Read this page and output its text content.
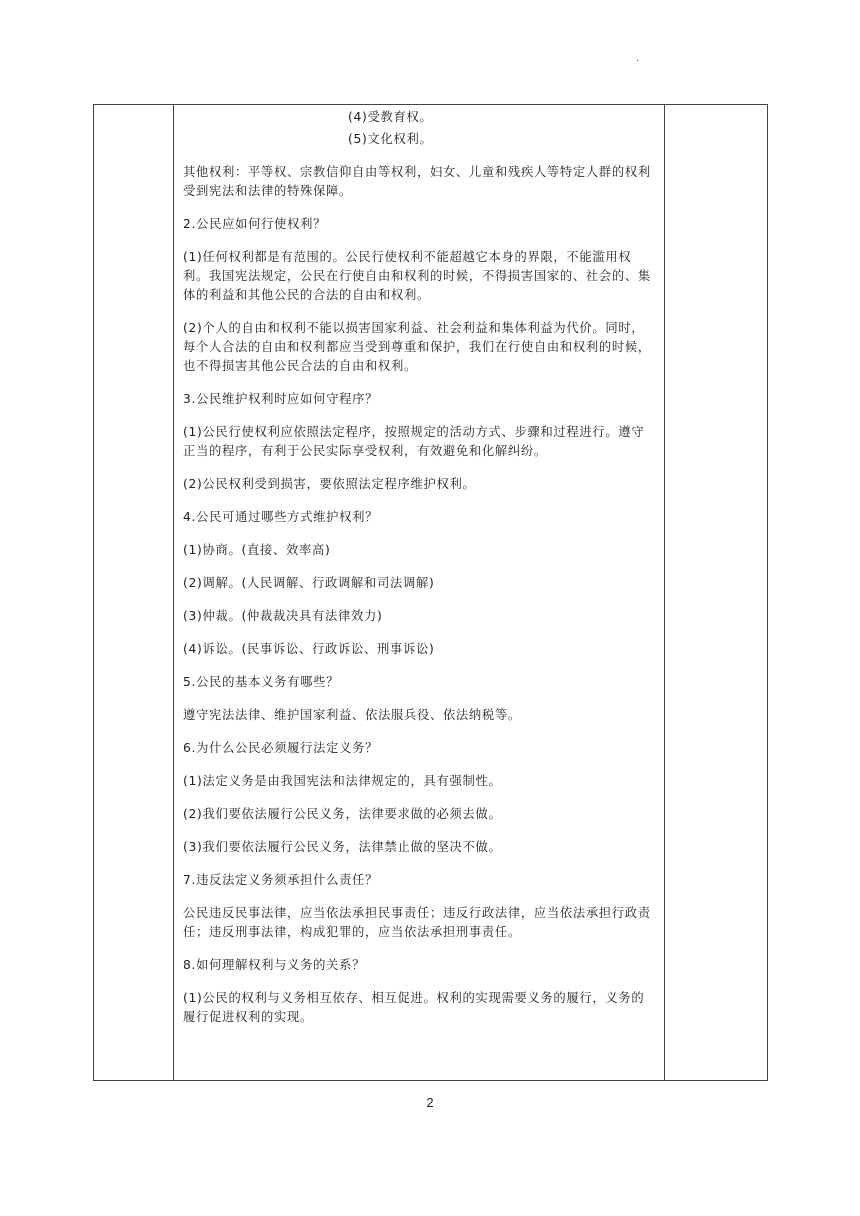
·

(4)受教育权。

(5)文化权利。

其他权利：平等权、宗教信仰自由等权利，妇女、儿童和残疾人等特定人群的权利受到宪法和法律的特殊保障。

2.公民应如何行使权利？

(1)任何权利都是有范围的。公民行使权利不能超越它本身的界限，不能滥用权利。我国宪法规定，公民在行使自由和权利的时候，不得损害国家的、社会的、集体的利益和其他公民的合法的自由和权利。

(2)个人的自由和权利不能以损害国家利益、社会利益和集体利益为代价。同时，每个人合法的自由和权利都应当受到尊重和保护，我们在行使自由和权利的时候，也不得损害其他公民合法的自由和权利。

3.公民维护权利时应如何守程序？

(1)公民行使权利应依照法定程序，按照规定的活动方式、步骤和过程进行。遵守正当的程序，有利于公民实际享受权利，有效避免和化解纠纷。

(2)公民权利受到损害，要依照法定程序维护权利。

4.公民可通过哪些方式维护权利？

(1)协商。(直接、效率高)

(2)调解。(人民调解、行政调解和司法调解)

(3)仲裁。(仲裁裁决具有法律效力)

(4)诉讼。(民事诉讼、行政诉讼、刑事诉讼)

5.公民的基本义务有哪些？

遵守宪法法律、维护国家利益、依法服兵役、依法纳税等。

6.为什么公民必须履行法定义务？

(1)法定义务是由我国宪法和法律规定的，具有强制性。

(2)我们要依法履行公民义务，法律要求做的必须去做。

(3)我们要依法履行公民义务，法律禁止做的坚决不做。

7.违反法定义务须承担什么责任？

公民违反民事法律，应当依法承担民事责任；违反行政法律，应当依法承担行政责任；违反刑事法律，构成犯罪的，应当依法承担刑事责任。

8.如何理解权利与义务的关系？

(1)公民的权利与义务相互依存、相互促进。权利的实现需要义务的履行，义务的履行促进权利的实现。

2
